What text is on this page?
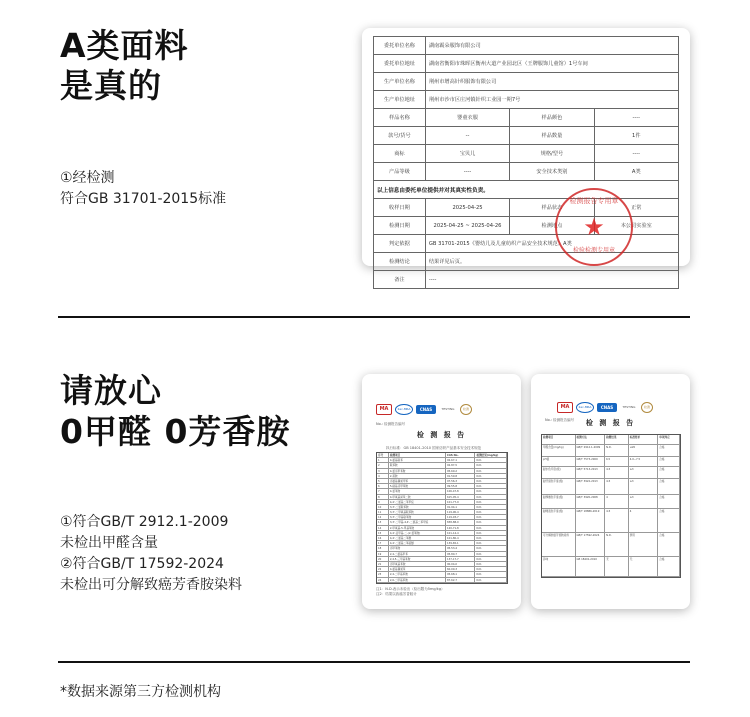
A类面料
是真的
①经检测
符合GB 31701-2015标准
委托单位名称	湖南霸朵服饰有限公司		
委托单位地址	湖南省衡阳市珠晖区衡州大道产业园北区（王牌服饰儿童馆）1号车间		
生产单位名称	荆州市增高针织服饰有限公司		
生产单位地址	荆州市沙市区庄河镇针织工业园一期7号		
样品名称	婴童衣服	样品颜色	----
款号/货号	--	样品数量	1件
商标	宝贝儿	规格/型号	----
产品等级	----	安全技术类别	A类
以上信息由委托单位提供并对其真实性负责。			
收样日期	2025-04-25	样品状态	正常
检测日期	2025-04-25 ~ 2025-04-26	检测地点	本公司实验室
判定依据	GB 31701-2015《婴幼儿及儿童纺织产品安全技术规范》A类		
检测结论	结果详见后页。		
备注	----		
检测报告专用章
★
检验检测专用章
请放心
0甲醛 0芳香胺
①符合GB/T 2912.1-2009
未检出甲醛含量
②符合GB/T 17592-2024
未检出可分解致癌芳香胺染料
MA	ilac-MRA	CNAS	TESTING	检测
No.: 检测报告编号
检 测 报 告
执行标准：GB 18401-2010 国家纺织产品基本安全技术规范
序号	检测项目	CAS No.	检测结果(mg/kg)
1	4-氨基联苯	92-67-1	N.D.
2	联苯胺	92-87-5	N.D.
3	4-氯邻甲苯胺	95-69-2	N.D.
4	2-萘胺	91-59-8	N.D.
5	邻氨基偶氮甲苯	97-56-3	N.D.
6	5-硝基邻甲苯胺	99-55-8	N.D.
7	4-氯苯胺	106-47-8	N.D.
8	4-甲氧基间苯二胺	615-05-4	N.D.
9	4,4'-二氨基二苯甲烷	101-77-9	N.D.
10	3,3'-二氯联苯胺	91-94-1	N.D.
11	3,3'-二甲氧基联苯胺	119-90-4	N.D.
12	3,3'-二甲基联苯胺	119-93-7	N.D.
13	3,3'-二甲基-4,4'-二氨基二苯甲烷	838-88-0	N.D.
14	2-甲氧基-5-甲基苯胺	120-71-8	N.D.
15	4,4'-亚甲基-二-(2-氯苯胺)	101-14-4	N.D.
16	4,4'-二氨基二苯醚	101-80-4	N.D.
17	4,4'-二氨基二苯硫醚	139-65-1	N.D.
18	邻甲苯胺	95-53-4	N.D.
19	2,4-二氨基甲苯	95-80-7	N.D.
20	2,4,5-三甲基苯胺	137-17-7	N.D.
21	邻甲氧基苯胺	90-04-0	N.D.
22	4-氨基偶氮苯	60-09-3	N.D.
23	2,4-二甲基苯胺	95-68-1	N.D.
24	2,6-二甲基苯胺	87-62-7	N.D.
注1：N.D.表示未检出（检出限为5mg/kg）
注2：结果以致癌芳香胺计
MA	ilac-MRA	CNAS	TESTING	检测
No.: 检测报告编号	检 测 报 告
检测项目	检测方法	检测结果	标准要求	单项判定
甲醛含量(mg/kg)	GB/T 2912.1-2009	N.D.	≤20	合格
pH值	GB/T 7573-2009	6.5	4.0~7.5	合格
耐水色牢度(级)	GB/T 5713-2013	4-5	≥3	合格
耐汗渍色牢度(级)	GB/T 3922-2013	4-5	≥3	合格
耐摩擦色牢度(级)	GB/T 3920-2008	4	≥3	合格
耐唾液色牢度(级)	GB/T 18886-2019	4-5	4	合格
可分解致癌芳香胺染料	GB/T 17592-2024	N.D.	禁用	合格
异味	GB 18401-2010	无	无	合格
*数据来源第三方检测机构
